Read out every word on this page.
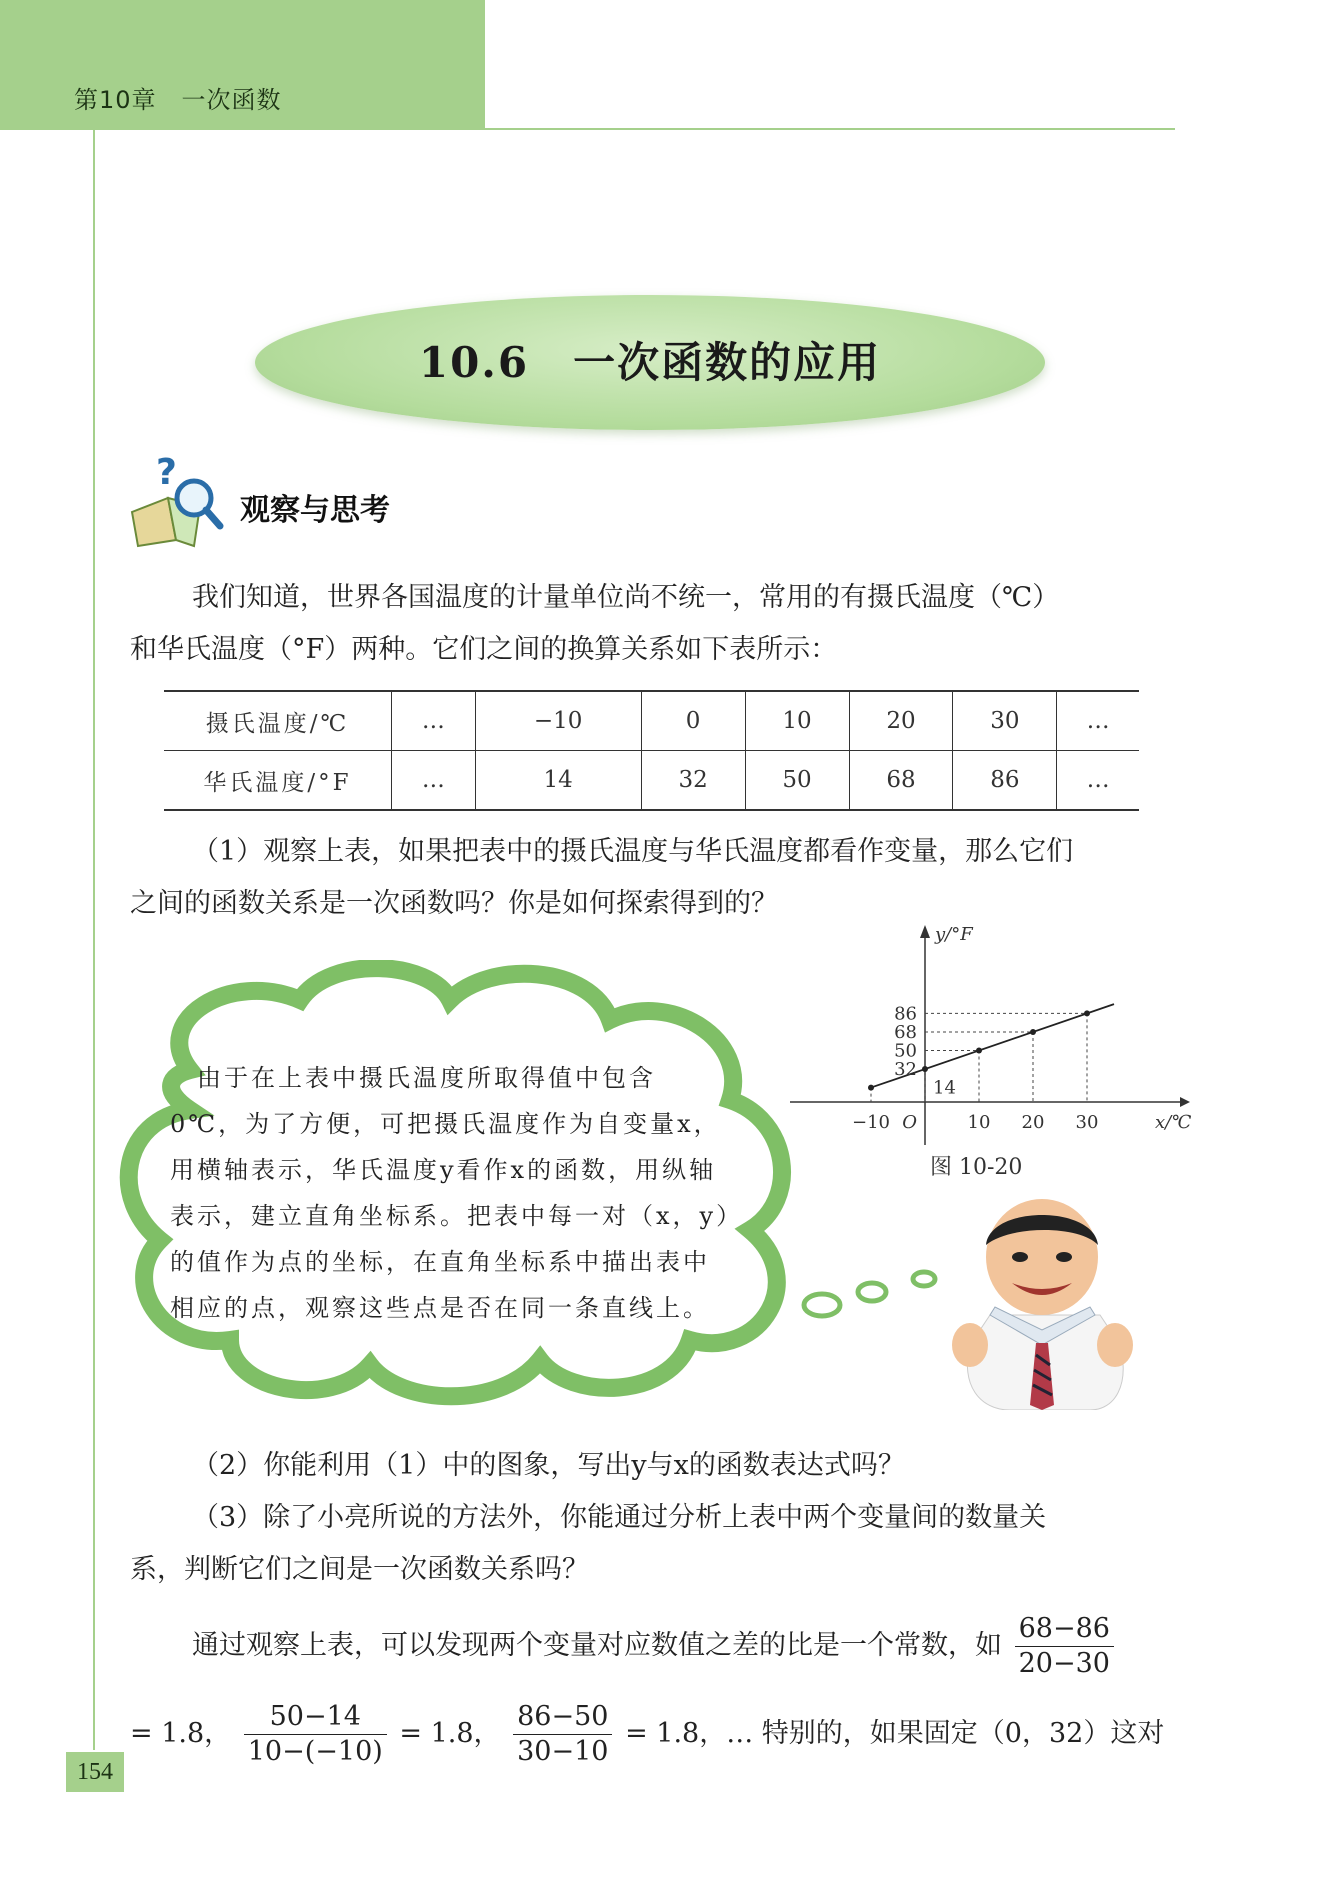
第10章　一次函数
10.6　一次函数的应用
?
观察与思考
我们知道，世界各国温度的计量单位尚不统一，常用的有摄氏温度（℃）
和华氏温度（°F）两种。它们之间的换算关系如下表所示：
摄氏温度/℃	…	−10	0	10	20	30	…
华氏温度/°F	…	14	32	50	68	86	…
（1）观察上表，如果把表中的摄氏温度与华氏温度都看作变量，那么它们
之间的函数关系是一次函数吗？你是如何探索得到的？
　由于在上表中摄氏温度所取得值中包含
0℃，为了方便，可把摄氏温度作为自变量x，
用横轴表示，华氏温度y看作x的函数，用纵轴
表示，建立直角坐标系。把表中每一对（x，y）
的值作为点的坐标，在直角坐标系中描出表中
相应的点，观察这些点是否在同一条直线上。
−10	10 20 30
86
68
50
32
O
14
x/℃
y/°F
图 10-20
（2）你能利用（1）中的图象，写出y与x的函数表达式吗？
（3）除了小亮所说的方法外，你能通过分析上表中两个变量间的数量关
系，判断它们之间是一次函数关系吗？
通过观察上表，可以发现两个变量对应数值之差的比是一个常数，如 $\frac{68-86}{20-30}$
= 1.8， $\frac{50-14}{10-(-10)} = 1.8$， $\frac{86-50}{30-10} = 1.8$，… 特别的，如果固定（0，32）这对
154
